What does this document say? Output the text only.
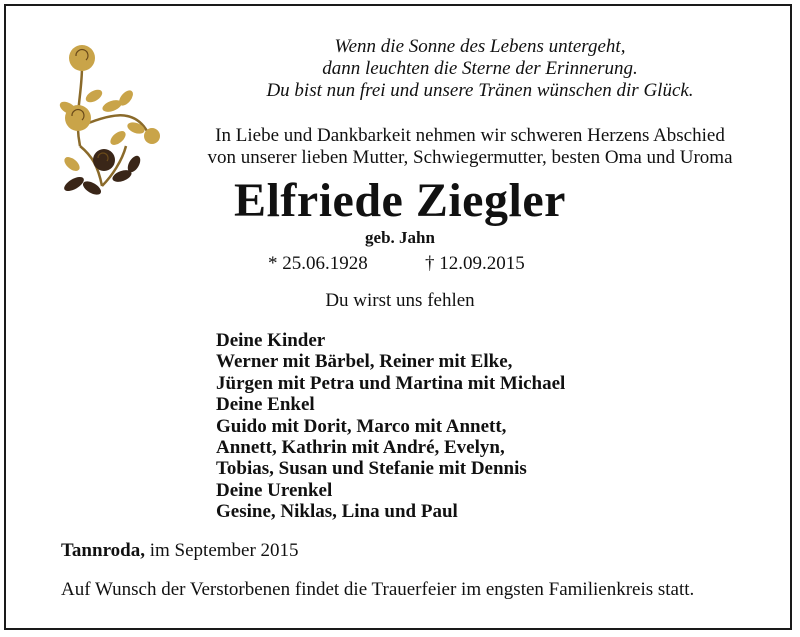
Wenn die Sonne des Lebens untergeht,
dann leuchten die Sterne der Erinnerung.
Du bist nun frei und unsere Tränen wünschen dir Glück.
In Liebe und Dankbarkeit nehmen wir schweren Herzens Abschied
von unserer lieben Mutter, Schwiegermutter, besten Oma und Uroma
Elfriede Ziegler
geb. Jahn
* 25.06.1928	† 12.09.2015
Du wirst uns fehlen
Deine Kinder
Werner mit Bärbel, Reiner mit Elke,
Jürgen mit Petra und Martina mit Michael
Deine Enkel
Guido mit Dorit, Marco mit Annett,
Annett, Kathrin mit André, Evelyn,
Tobias, Susan und Stefanie mit Dennis
Deine Urenkel
Gesine, Niklas, Lina und Paul
Tannroda, im September 2015
Auf Wunsch der Verstorbenen findet die Trauerfeier im engsten Familienkreis statt.
